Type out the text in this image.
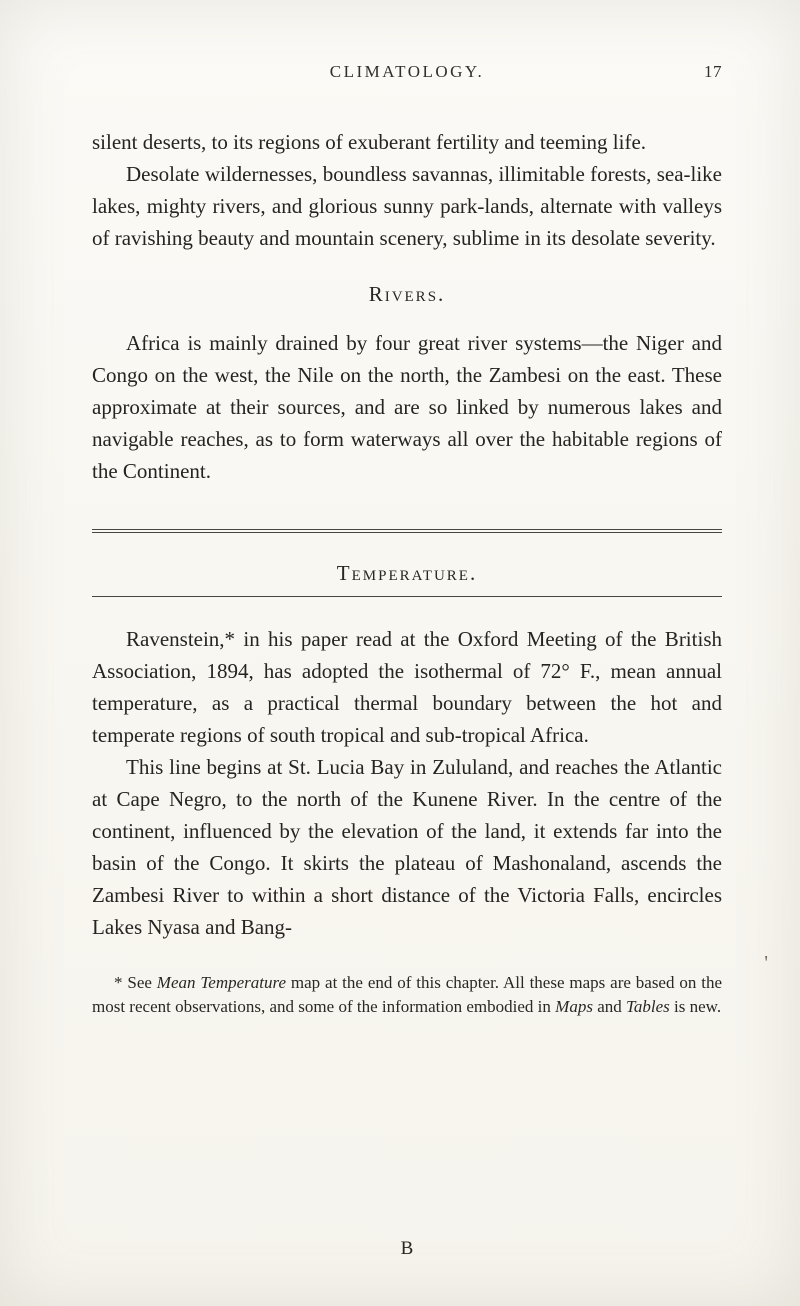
CLIMATOLOGY.	17

silent deserts, to its regions of exuberant fertility and teeming life.

Desolate wildernesses, boundless savannas, illimitable forests, sea-like lakes, mighty rivers, and glorious sunny park-lands, alternate with valleys of ravishing beauty and mountain scenery, sublime in its desolate severity.

Rivers.

Africa is mainly drained by four great river systems—the Niger and Congo on the west, the Nile on the north, the Zambesi on the east. These approximate at their sources, and are so linked by numerous lakes and navigable reaches, as to form waterways all over the habitable regions of the Continent.

Temperature.

Ravenstein,* in his paper read at the Oxford Meeting of the British Association, 1894, has adopted the isothermal of 72° F., mean annual temperature, as a practical thermal boundary between the hot and temperate regions of south tropical and sub-tropical Africa.

This line begins at St. Lucia Bay in Zululand, and reaches the Atlantic at Cape Negro, to the north of the Kunene River. In the centre of the continent, influenced by the elevation of the land, it extends far into the basin of the Congo. It skirts the plateau of Mashonaland, ascends the Zambesi River to within a short distance of the Victoria Falls, encircles Lakes Nyasa and Bang-

* See Mean Temperature map at the end of this chapter. All these maps are based on the most recent observations, and some of the information embodied in Maps and Tables is new.

B
'
